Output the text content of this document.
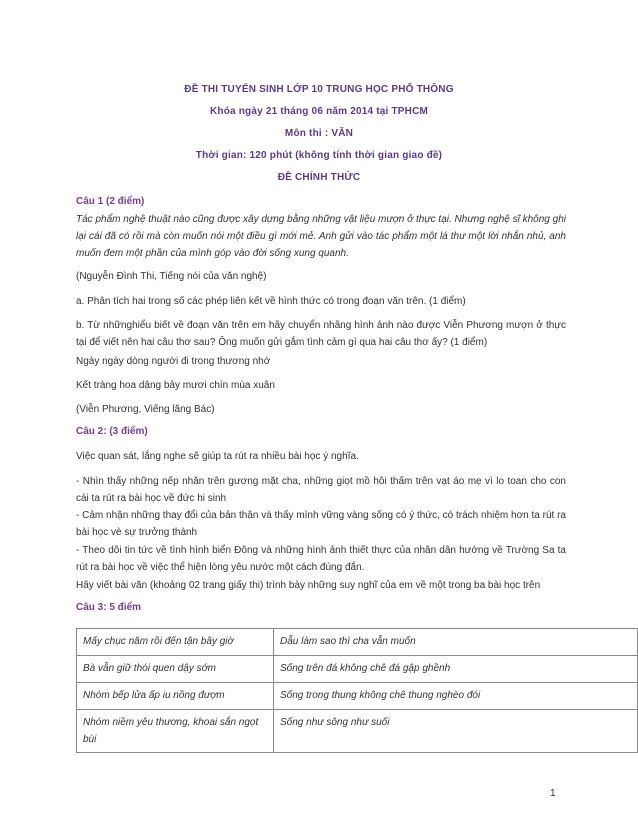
ĐỀ THI TUYỂN SINH LỚP 10 TRUNG HỌC PHỔ THÔNG
Khóa ngày 21 tháng 06 năm 2014 tại TPHCM
Môn thi : VĂN
Thời gian: 120 phút (không tính thời gian giao đề)
ĐỀ CHÍNH THỨC
Câu 1 (2 điểm)
Tác phẩm nghệ thuật nào cũng được xây dựng bằng những vật liệu mượn ở thực tại. Nhưng nghệ sĩ không ghi lại cái đã có rồi mà còn muốn nói một điều gì mới mẻ. Anh gửi vào tác phẩm một lá thư một lời nhắn nhủ, anh muốn đem một phần của mình góp vào đời sống xung quanh.
(Nguyễn Đình Thi, Tiếng nói của văn nghệ)
a. Phân tích hai trong số các phép liên kết về hình thức có trong đoạn văn trên. (1 điểm)
b. Từ nhữnghiểu biết về đoạn văn trên em hãy chuyển nhãng hình ảnh nào được Viễn Phương mượn ở thực tại để viết nên hai câu thơ sau? Ông muốn gửi gắm tình cảm gì qua hai câu thơ ấy? (1 điểm)
Ngày ngày dòng người đi trong thương nhớ
Kết tràng hoa dâng bảy mươi chín mùa xuân
(Viễn Phương, Viếng lăng Bác)
Câu 2: (3 điểm)
Việc quan sát, lắng nghe sẽ giúp ta rút ra nhiều bài học ý nghĩa.
- Nhìn thấy những nếp nhăn trên gương mặt cha, những giọt mồ hôi thấm trên vạt áo mẹ vì lo toan cho con cái ta rút ra bài học về đức hi sinh
- Cảm nhận những thay đổi của bản thân và thấy mình vững vàng sống có ý thức, có trách nhiệm hơn ta rút ra bài học vè sự trưởng thành
- Theo dõi tin tức về tình hình biển Đông và những hình ảnh thiết thực của nhân dân hướng về Trường Sa ta rút ra bài học về việc thể hiện lòng yêu nước một cách đúng đắn.
Hãy viết bài văn (khoảng 02 trang giấy thi) trình bày những suy nghĩ của em về một trong ba bài học trên
Câu 3: 5 điểm
Mấy chục năm rồi đến tận bây giờ	Dẫu làm sao thì cha vẫn muốn
Bà vẫn giữ thói quen dậy sớm	Sống trên đá không chê đá gập ghềnh
Nhóm bếp lửa ấp iu nồng đượm	Sống trong thung không chê thung nghèo đói
Nhóm niềm yêu thương, khoai sắn ngọt bùi	Sống như sông như suối
1
